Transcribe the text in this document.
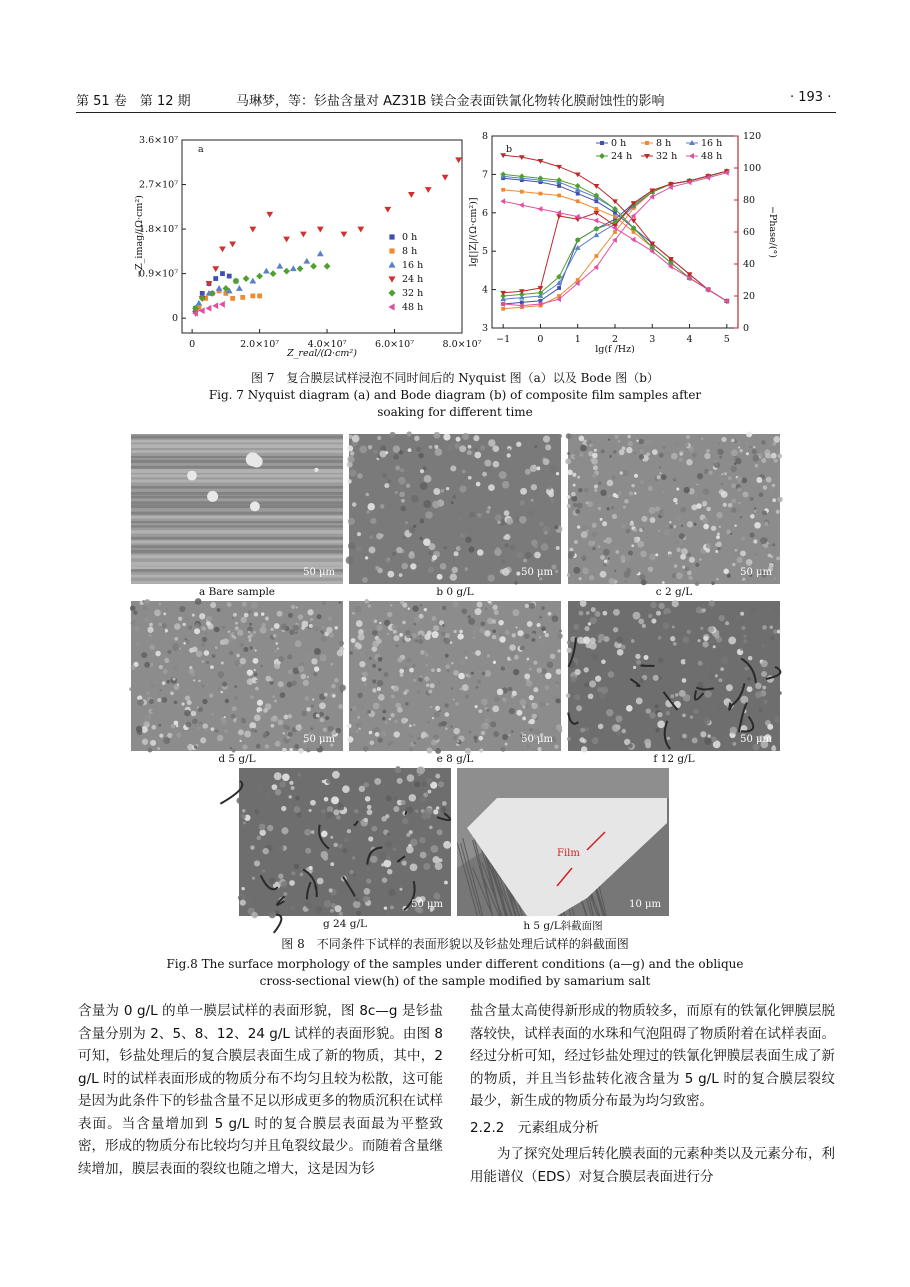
第 51 卷　第 12 期	马琳梦，等：钐盐含量对 AZ31B 镁合金表面铁氰化物转化膜耐蚀性的影响	· 193 ·
0	2.0×10⁷	4.0×10⁷	6.0×10⁷	8.0×10⁷
0
0.9×10⁷
1.8×10⁷
2.7×10⁷
3.6×10⁷
Z_real/(Ω·cm²)
−Z_imag/(Ω·cm²)
a
0 h
8 h
16 h
24 h
32 h
48 h
−1	0	1	2	3	4	5
3
4
5
6
7
8
0
20
40
60
80
100
120
lg(f /Hz)
lg[|Z|/(Ω·cm²)]	−Phase/(°)
b
0 h	8 h	16 h
24 h	32 h	48 h
图 7　复合膜层试样浸泡不同时间后的 Nyquist 图（a）以及 Bode 图（b）
Fig. 7 Nyquist diagram (a) and Bode diagram (b) of composite film samples after soaking for different time
50 μm
a Bare sample
50 μm
b 0 g/L
50 μm
c 2 g/L
50 μm
d 5 g/L
50 μm
e 8 g/L
50 μm
f 12 g/L
50 μm
g 24 g/L
Film
10 μm
h 5 g/L斜截面图
图 8　不同条件下试样的表面形貌以及钐盐处理后试样的斜截面图
Fig.8 The surface morphology of the samples under different conditions (a—g) and the oblique
cross-sectional view(h) of the sample modified by samarium salt

含量为 0 g/L 的单一膜层试样的表面形貌，图 8c—g 是钐盐含量分别为 2、5、8、12、24 g/L 试样的表面形貌。由图 8 可知，钐盐处理后的复合膜层表面生成了新的物质，其中，2 g/L 时的试样表面形成的物质分布不均匀且较为松散，这可能是因为此条件下的钐盐含量不足以形成更多的物质沉积在试样表面。当含量增加到 5 g/L 时的复合膜层表面最为平整致密，形成的物质分布比较均匀并且龟裂纹最少。而随着含量继续增加，膜层表面的裂纹也随之增大，这是因为钐

盐含量太高使得新形成的物质较多，而原有的铁氰化钾膜层脱落较快，试样表面的水珠和气泡阻碍了物质附着在试样表面。经过分析可知，经过钐盐处理过的铁氰化钾膜层表面生成了新的物质，并且当钐盐转化液含量为 5 g/L 时的复合膜层裂纹最少，新生成的物质分布最为均匀致密。

2.2.2　元素组成分析

为了探究处理后转化膜表面的元素种类以及元素分布，利用能谱仪（EDS）对复合膜层表面进行分
